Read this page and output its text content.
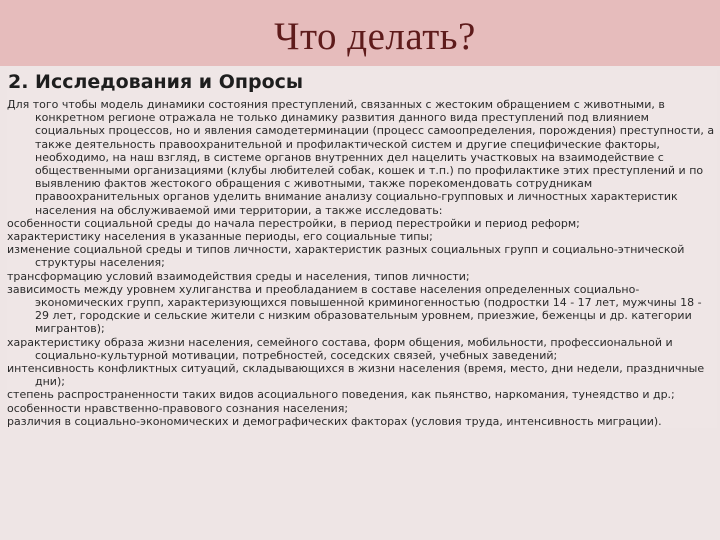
Что делать?
2. Исследования и Опросы

Для того чтобы модель динамики состояния преступлений, связанных с жестоким обращением с животными, в конкретном регионе отражала не только динамику развития данного вида преступлений под влиянием социальных процессов, но и явления самодетерминации (процесс самоопределения, порождения) преступности, а также деятельность правоохранительной и профилактической систем и другие специфические факторы, необходимо, на наш взгляд, в системе органов внутренних дел нацелить участковых на взаимодействие с общественными организациями (клубы любителей собак, кошек и т.п.) по профилактике этих преступлений и по выявлению фактов жестокого обращения с животными, также порекомендовать сотрудникам правоохранительных органов уделить внимание анализу социально-групповых и личностных характеристик населения на обслуживаемой ими территории, а также исследовать:

особенности социальной среды до начала перестройки, в период перестройки и период реформ;

характеристику населения в указанные периоды, его социальные типы;

изменение социальной среды и типов личности, характеристик разных социальных групп и социально-этнической структуры населения;

трансформацию условий взаимодействия среды и населения, типов личности;

зависимость между уровнем хулиганства и преобладанием в составе населения определенных социально-экономических групп, характеризующихся повышенной криминогенностью (подростки 14 - 17 лет, мужчины 18 - 29 лет, городские и сельские жители с низким образовательным уровнем, приезжие, беженцы и др. категории мигрантов);

характеристику образа жизни населения, семейного состава, форм общения, мобильности, профессиональной и социально-культурной мотивации, потребностей, соседских связей, учебных заведений;

интенсивность конфликтных ситуаций, складывающихся в жизни населения (время, место, дни недели, праздничные дни);

степень распространенности таких видов асоциального поведения, как пьянство, наркомания, тунеядство и др.;

особенности нравственно-правового сознания населения;

различия в социально-экономических и демографических факторах (условия труда, интенсивность миграции).
